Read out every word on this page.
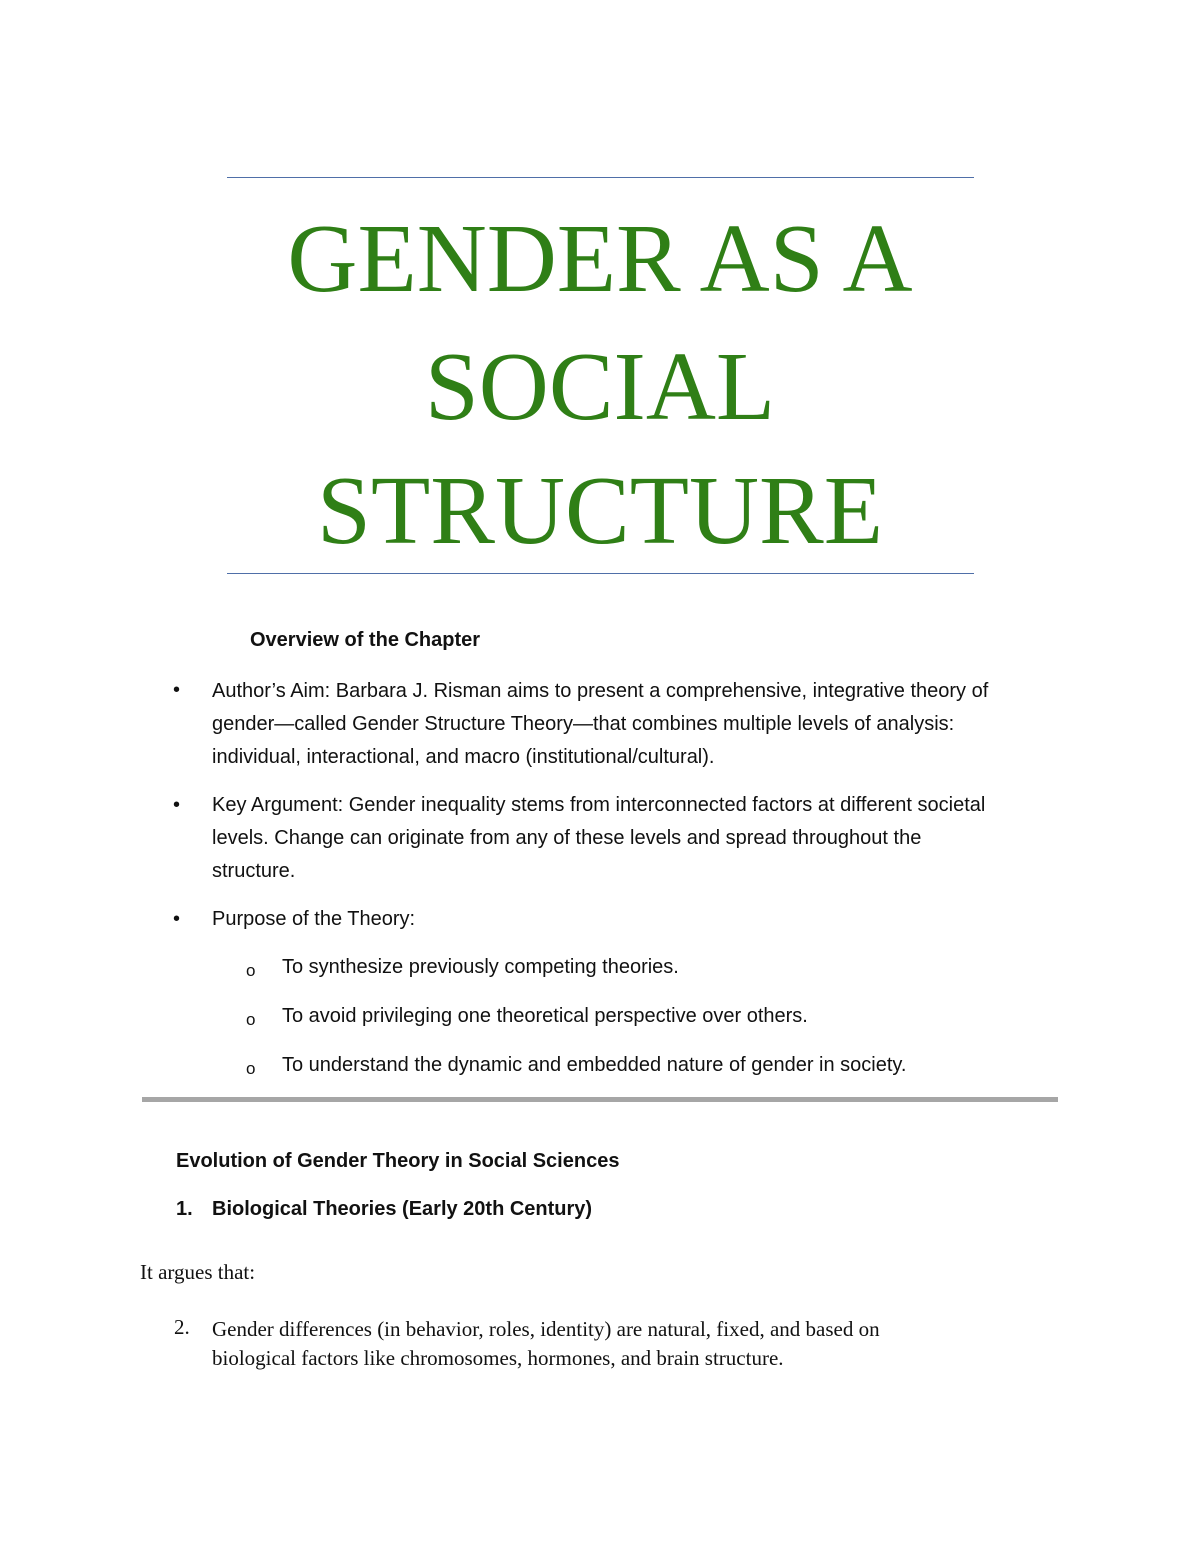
GENDER AS A
SOCIAL
STRUCTURE
Overview of the Chapter
• Author’s Aim: Barbara J. Risman aims to present a comprehensive, integrative theory of
gender—called Gender Structure Theory—that combines multiple levels of analysis:
individual, interactional, and macro (institutional/cultural).
• Key Argument: Gender inequality stems from interconnected factors at different societal
levels. Change can originate from any of these levels and spread throughout the
structure.
• Purpose of the Theory:
o To synthesize previously competing theories.
o To avoid privileging one theoretical perspective over others.
o To understand the dynamic and embedded nature of gender in society.
Evolution of Gender Theory in Social Sciences
1. Biological Theories (Early 20th Century)
It argues that:
2. Gender differences (in behavior, roles, identity) are natural, fixed, and based on
biological factors like chromosomes, hormones, and brain structure.
